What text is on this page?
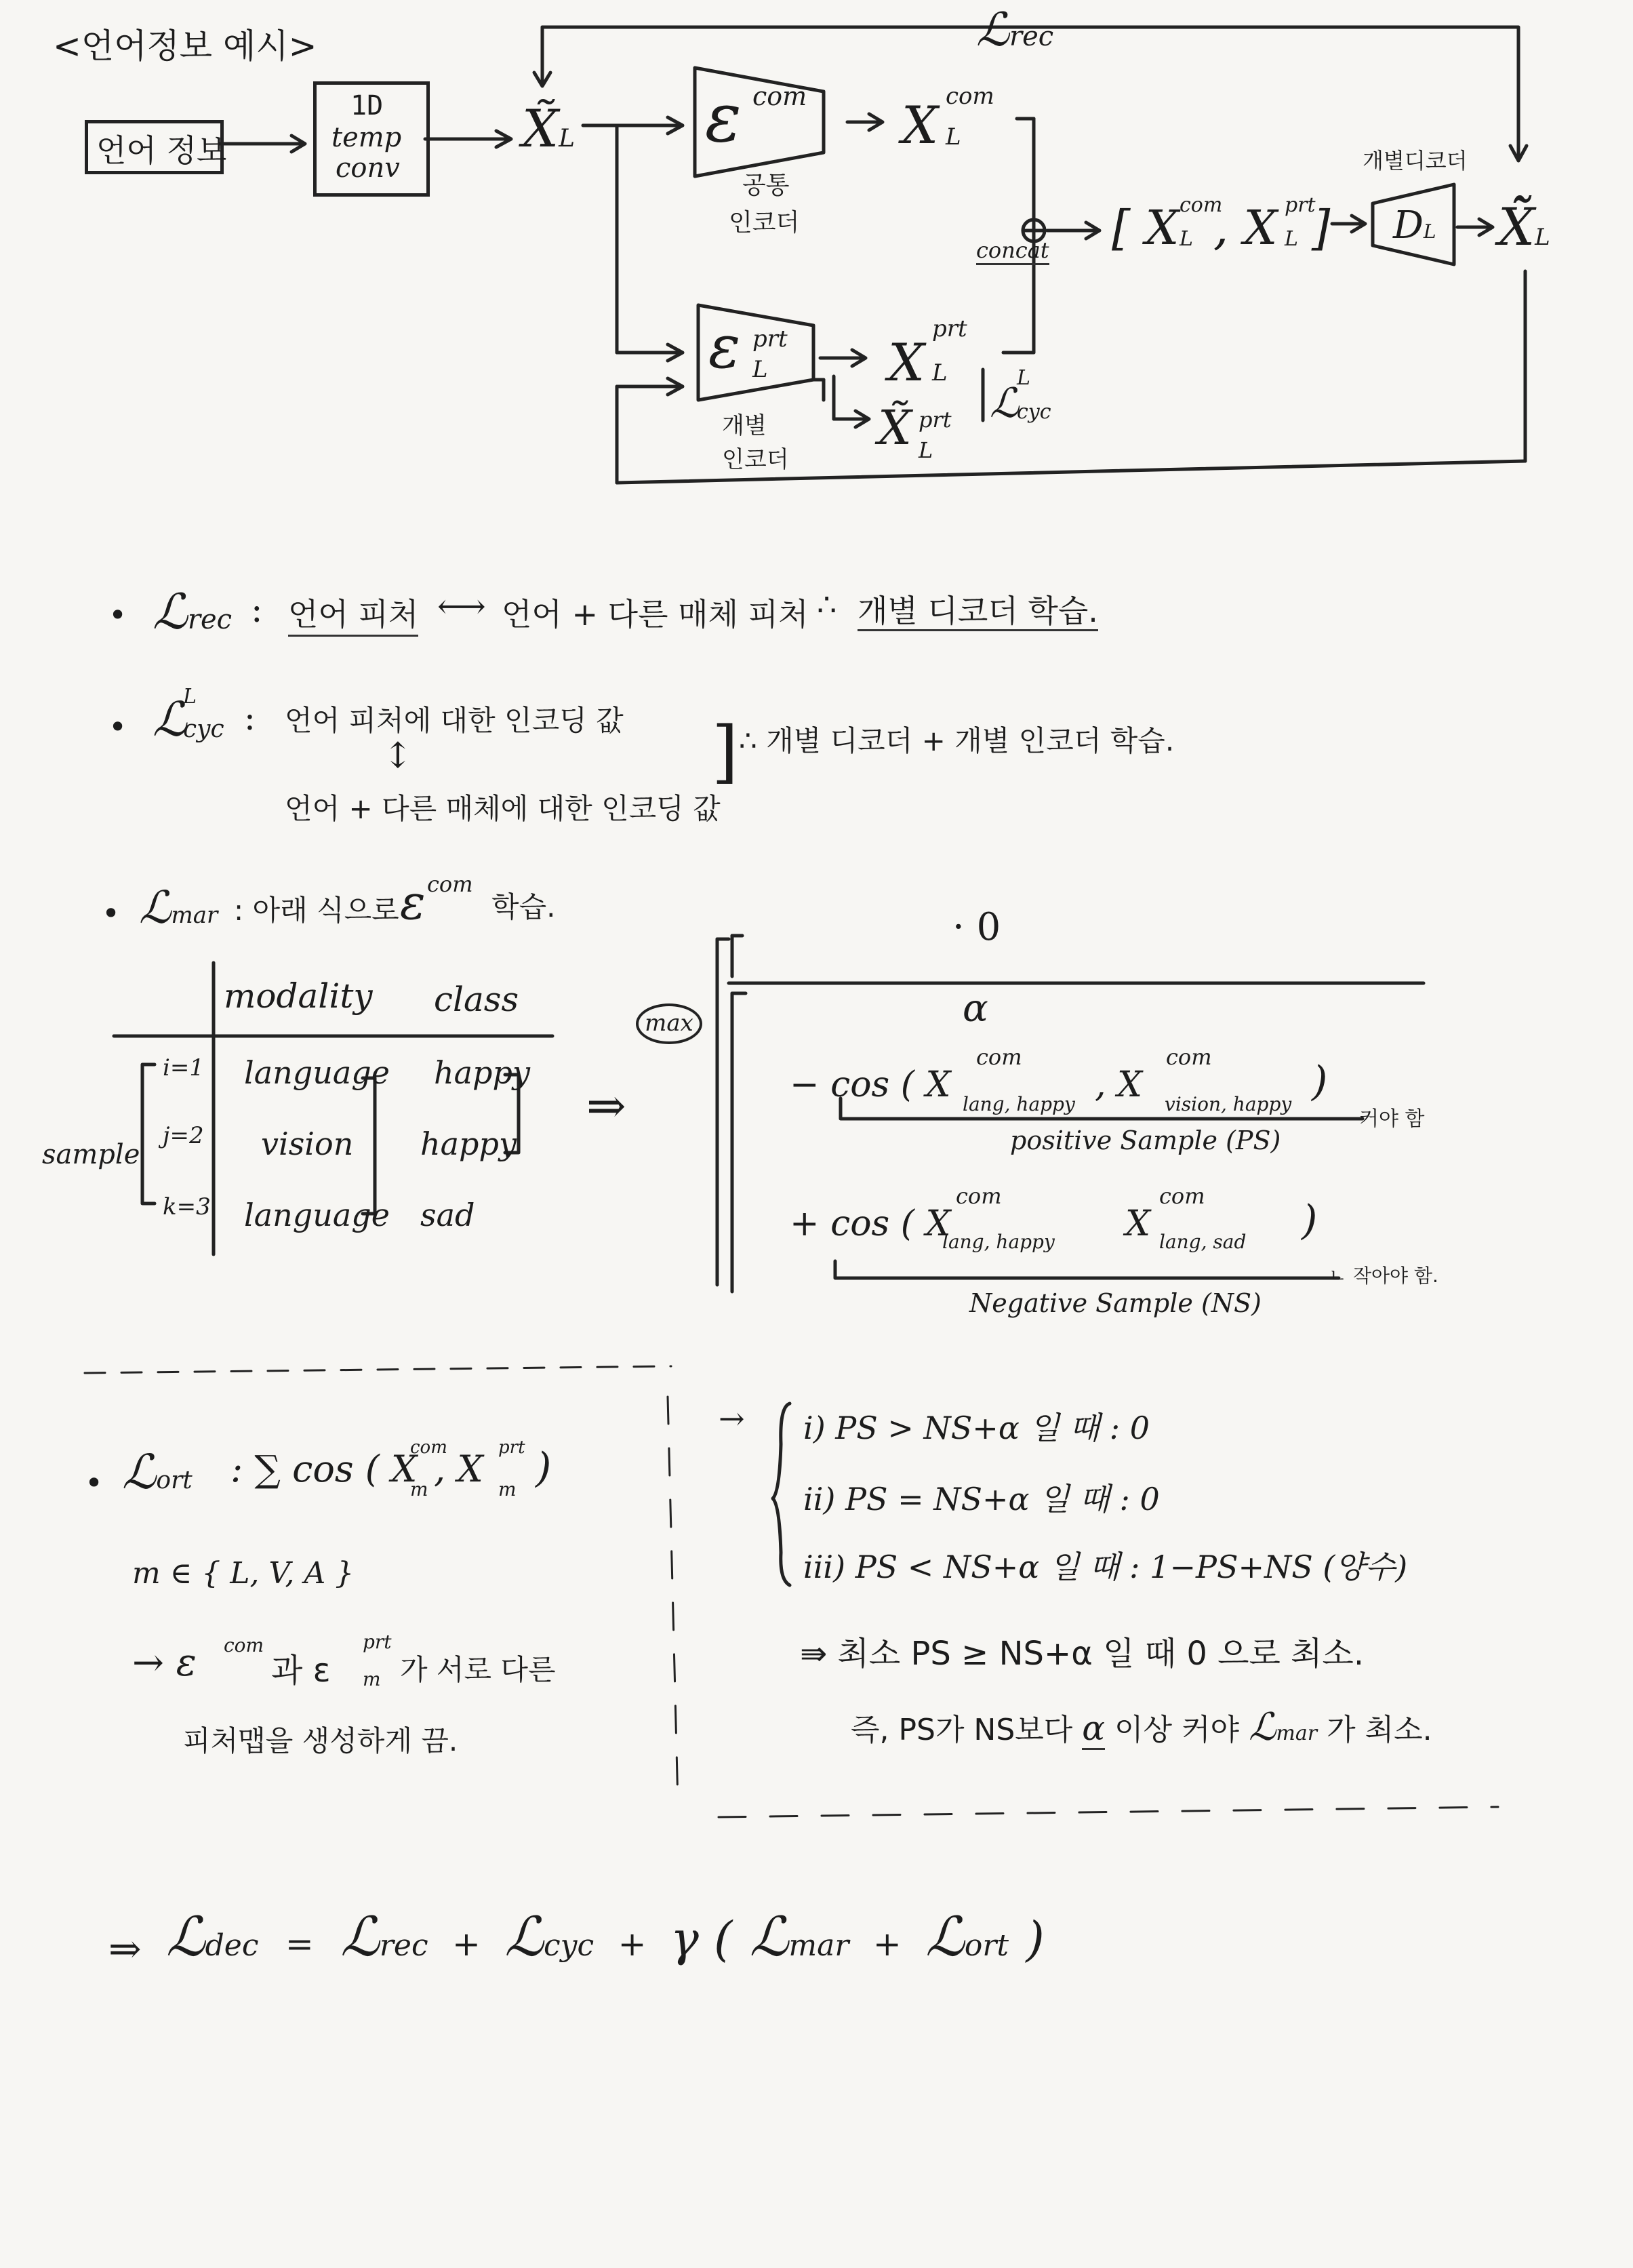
<언어정보 예시>
언어 정보
1D
temp
conv
X̃L ε com
공통
인코더
X com
L
ε prt
L
개별
인코더
X
prt
L
X̃ prt
L
ℒ
L
cyc
concat [ X com
L , X prt
L ]
개별디코더
DL X̃̃L
ℒrec
• ℒrec : 언어 피처 ⟷ 언어 + 다른 매체 피처 ∴ 개별 디코더 학습.
• ℒ
L
cyc : 언어 피처에 대한 인코딩 값
↕
언어 + 다른 매체에 대한 인코딩 값
] ∴ 개별 디코더 + 개별 인코더 학습.
• ℒmar : 아래 식으로 ε com
학습.
modality class
sample
i=1 language happy
j=2 vision happy
k=3 language sad
⇒
max
· 0
α
− cos ( X
com
lang, happy , X
com
vision, happy )
커야 함
positive Sample (PS)
+ cos ( X
com
lang, happy X
com
lang, sad )
ㄴ 작아야 함.
Negative Sample (NS)
• ℒort : ∑ cos ( X
com
m , X prt
m )
m ∈ { L, V, A }
→ ε com
과 ε
prt
m 가 서로 다른
피처맵을 생성하게 끔.
→ i) PS > NS+α 일 때 : 0
ii) PS = NS+α 일 때 : 0
iii) PS < NS+α 일 때 : 1−PS+NS (양수)
⇛ 최소 PS ≥ NS+α 일 때 0 으로 최소.
즉, PS가 NS보다 α 이상 커야 ℒmar 가 최소.
⇒ ℒdec = ℒrec + ℒcyc + γ ( ℒmar + ℒort )
